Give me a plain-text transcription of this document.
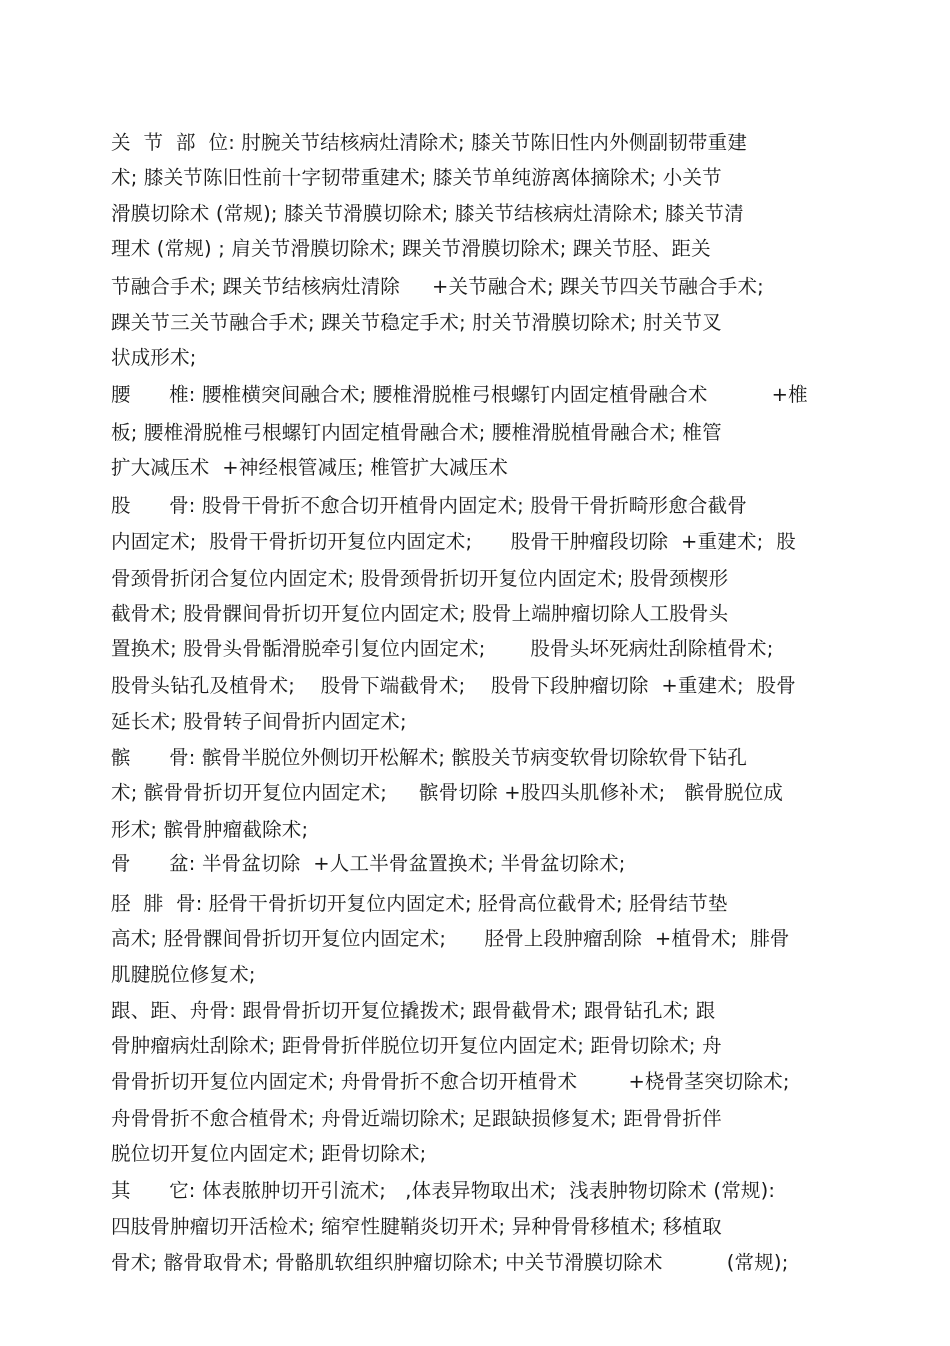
关  节  部  位: 肘腕关节结核病灶清除术; 膝关节陈旧性内外侧副韧带重建
术; 膝关节陈旧性前十字韧带重建术; 膝关节单纯游离体摘除术; 小关节
滑膜切除术 (常规); 膝关节滑膜切除术; 膝关节结核病灶清除术; 膝关节清
理术 (常规) ; 肩关节滑膜切除术; 踝关节滑膜切除术; 踝关节胫、距关
节融合手术; 踝关节结核病灶清除     +关节融合术; 踝关节四关节融合手术;
踝关节三关节融合手术; 踝关节稳定手术; 肘关节滑膜切除术; 肘关节叉
状成形术;
腰      椎: 腰椎横突间融合术; 腰椎滑脱椎弓根螺钉内固定植骨融合术          +椎
板; 腰椎滑脱椎弓根螺钉内固定植骨融合术; 腰椎滑脱植骨融合术; 椎管
扩大减压术  +神经根管减压; 椎管扩大减压术
股      骨: 股骨干骨折不愈合切开植骨内固定术; 股骨干骨折畸形愈合截骨
内固定术;  股骨干骨折切开复位内固定术;      股骨干肿瘤段切除  +重建术;  股
骨颈骨折闭合复位内固定术; 股骨颈骨折切开复位内固定术; 股骨颈楔形
截骨术; 股骨髁间骨折切开复位内固定术; 股骨上端肿瘤切除人工股骨头
置换术; 股骨头骨骺滑脱牵引复位内固定术;       股骨头坏死病灶刮除植骨术;
股骨头钻孔及植骨术;    股骨下端截骨术;    股骨下段肿瘤切除  +重建术;  股骨
延长术; 股骨转子间骨折内固定术;
髌      骨: 髌骨半脱位外侧切开松解术; 髌股关节病变软骨切除软骨下钻孔
术; 髌骨骨折切开复位内固定术;     髌骨切除 +股四头肌修补术;   髌骨脱位成
形术; 髌骨肿瘤截除术;
骨      盆: 半骨盆切除  +人工半骨盆置换术; 半骨盆切除术;
胫  腓  骨: 胫骨干骨折切开复位内固定术; 胫骨高位截骨术; 胫骨结节垫
高术; 胫骨髁间骨折切开复位内固定术;      胫骨上段肿瘤刮除  +植骨术;  腓骨
肌腱脱位修复术;
跟、距、舟骨: 跟骨骨折切开复位撬拨术; 跟骨截骨术; 跟骨钻孔术; 跟
骨肿瘤病灶刮除术; 距骨骨折伴脱位切开复位内固定术; 距骨切除术; 舟
骨骨折切开复位内固定术; 舟骨骨折不愈合切开植骨术        +桡骨茎突切除术;
舟骨骨折不愈合植骨术; 舟骨近端切除术; 足跟缺损修复术; 距骨骨折伴
脱位切开复位内固定术; 距骨切除术;
其      它: 体表脓肿切开引流术;   ,体表异物取出术;  浅表肿物切除术 (常规):
四肢骨肿瘤切开活检术; 缩窄性腱鞘炎切开术; 异种骨骨移植术; 移植取
骨术; 髂骨取骨术; 骨骼肌软组织肿瘤切除术; 中关节滑膜切除术          (常规);
